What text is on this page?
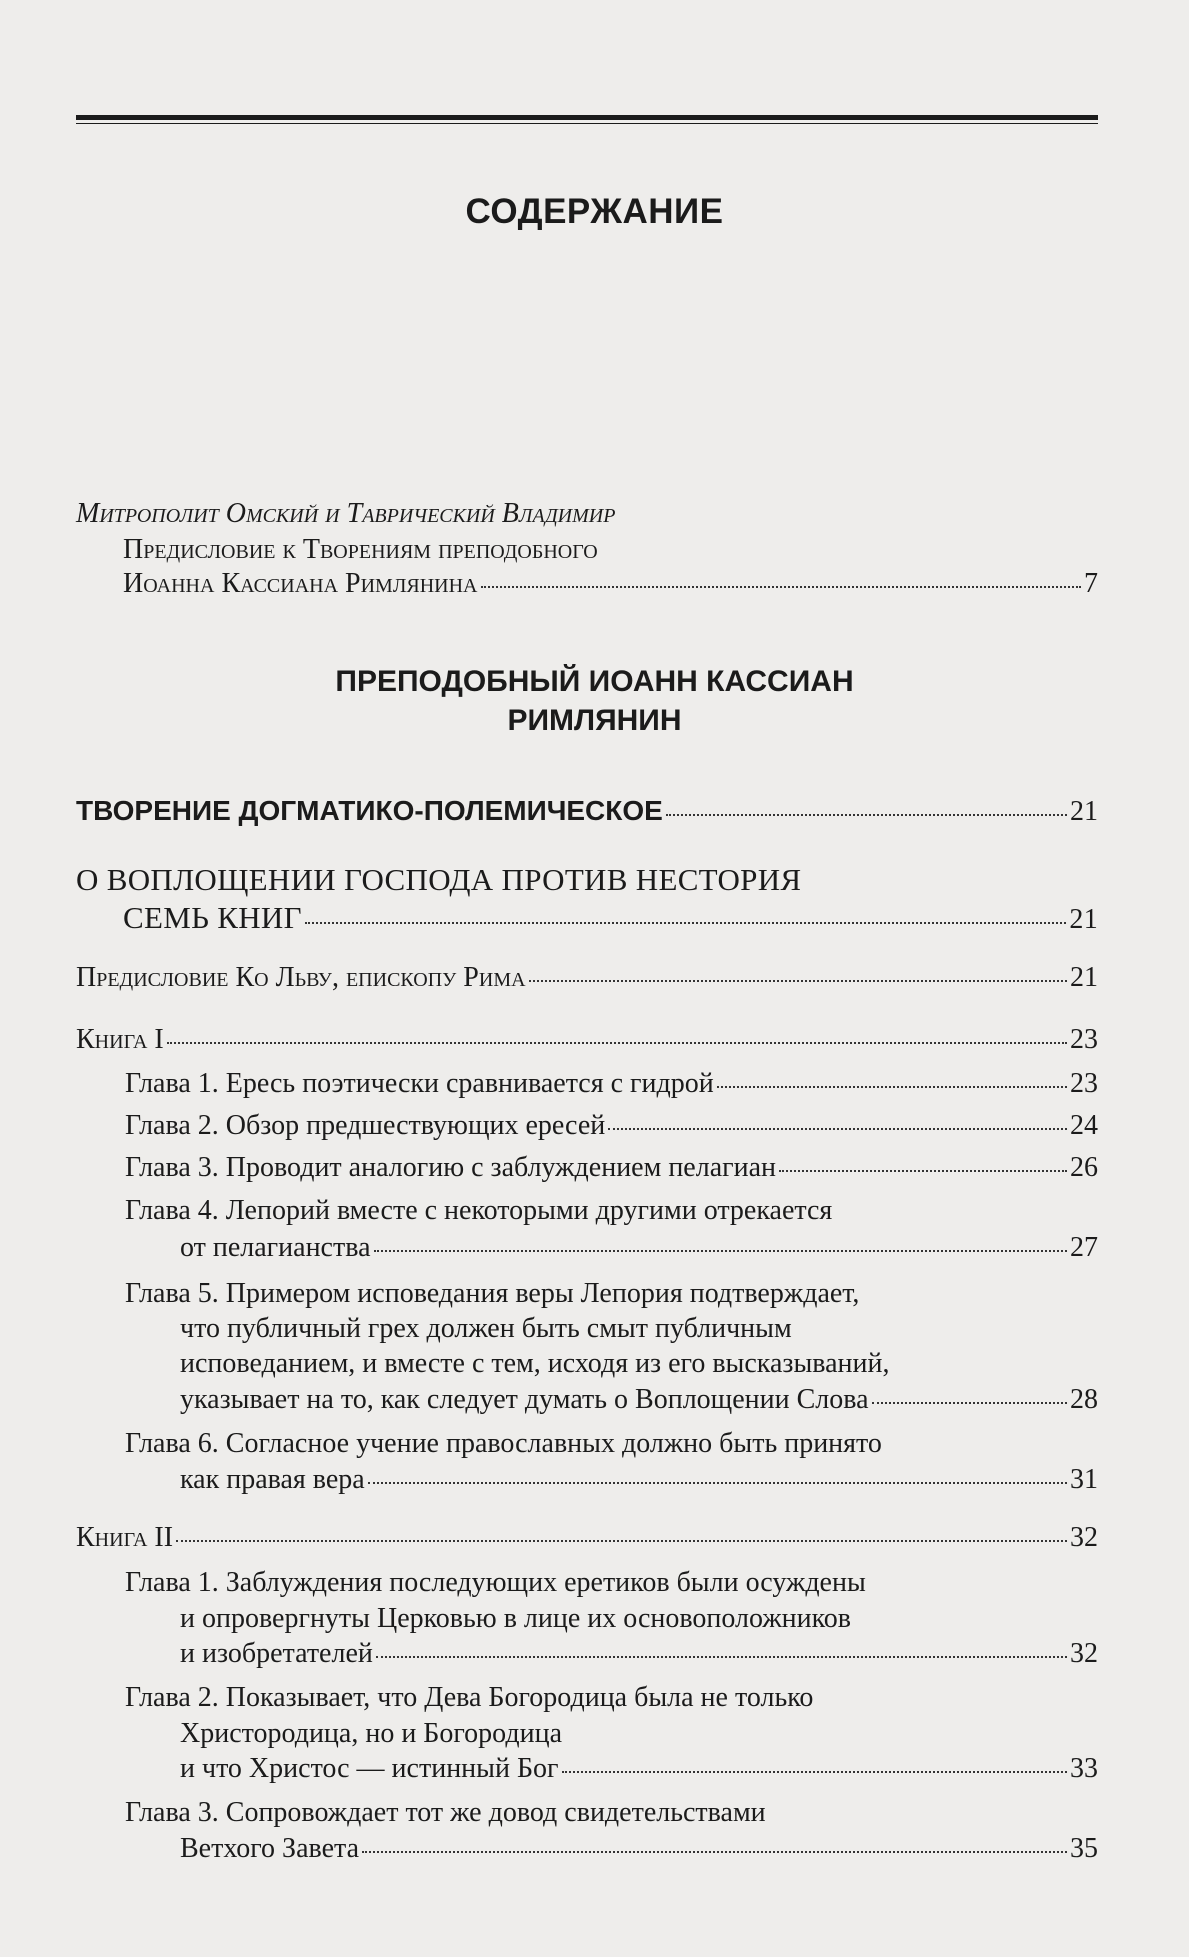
СОДЕРЖАНИЕ
Митрополит Омский и Таврический Владимир
Предисловие к Творениям преподобного
Иоанна Кассиана Римлянина	7
ПРЕПОДОБНЫЙ ИОАНН КАССИАН
РИМЛЯНИН
ТВОРЕНИЕ ДОГМАТИКО-ПОЛЕМИЧЕСКОЕ	21
О ВОПЛОЩЕНИИ ГОСПОДА ПРОТИВ НЕСТОРИЯ
СЕМЬ КНИГ	21
Предисловие Ко Льву, епископу Рима	21
Книга I	23
Глава 1. Ересь поэтически сравнивается с гидрой	23
Глава 2. Обзор предшествующих ересей	24
Глава 3. Проводит аналогию с заблуждением пелагиан	26
Глава 4. Лепорий вместе с некоторыми другими отрекается
от пелагианства	27
Глава 5. Примером исповедания веры Лепория подтверждает,
что публичный грех должен быть смыт публичным
исповеданием, и вместе с тем, исходя из его высказываний,
указывает на то, как следует думать о Воплощении Слова	28
Глава 6. Согласное учение православных должно быть принято
как правая вера	31
Книга II	32
Глава 1. Заблуждения последующих еретиков были осуждены
и опровергнуты Церковью в лице их основоположников
и изобретателей	32
Глава 2. Показывает, что Дева Богородица была не только
Христородица, но и Богородица
и что Христос — истинный Бог	33
Глава 3. Сопровождает тот же довод свидетельствами
Ветхого Завета	35
